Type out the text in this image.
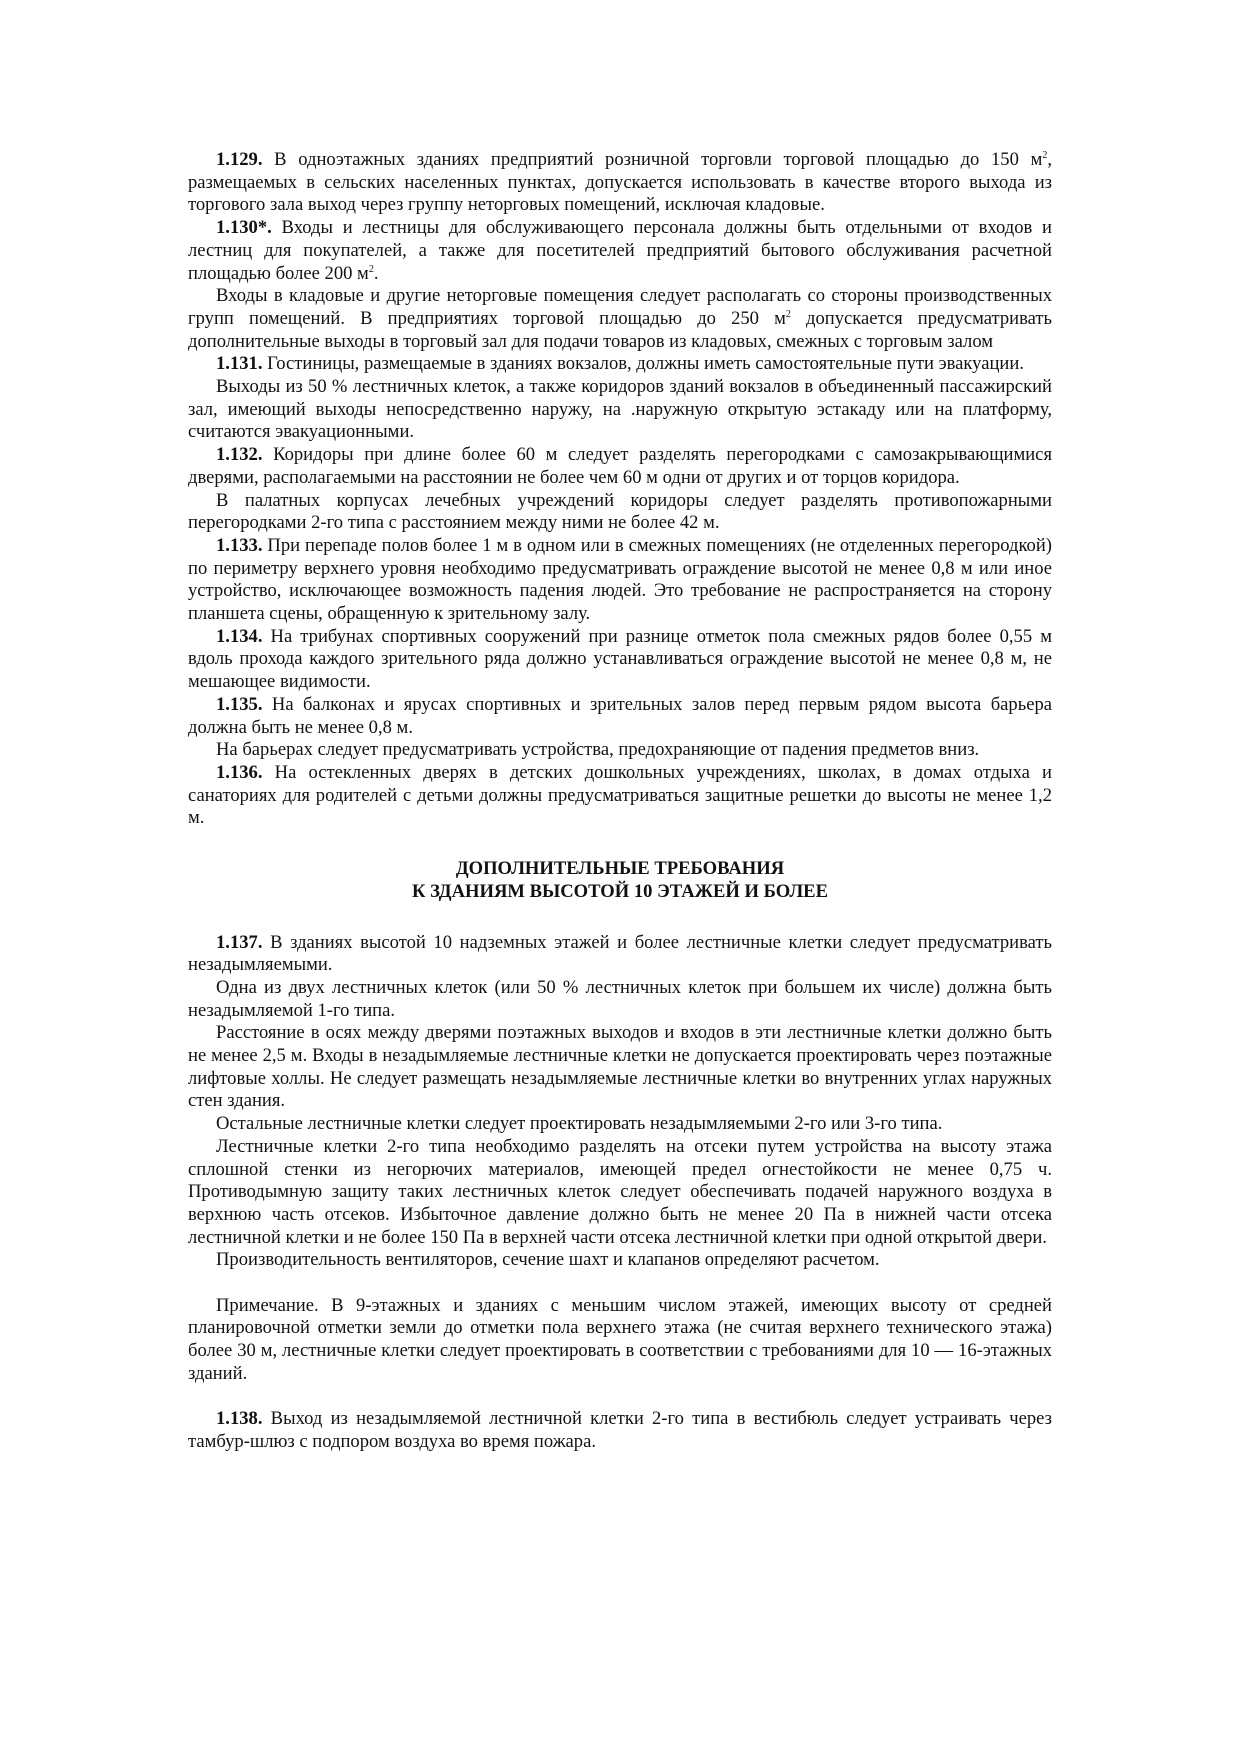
1.129. В одноэтажных зданиях предприятий розничной торговли торговой площадью до 150 $м^2$, размещаемых в сельских населенных пунктах, допускается использовать в качестве второго выхода из торгового зала выход через группу неторговых помещений, исключая кладовые.

1.130*. Входы и лестницы для обслуживающего персонала должны быть отдельными от входов и лестниц для покупателей, а также для посетителей предприятий бытового обслуживания расчетной площадью более 200 $м^2$.

Входы в кладовые и другие неторговые помещения следует располагать со стороны производственных групп помещений. В предприятиях торговой площадью до 250 $м^2$ допускается предусматривать дополнительные выходы в торговый зал для подачи товаров из кладовых, смежных с торговым залом

1.131. Гостиницы, размещаемые в зданиях вокзалов, должны иметь самостоятельные пути эвакуации.

Выходы из 50 % лестничных клеток, а также коридоров зданий вокзалов в объединенный пассажирский зал, имеющий выходы непосредственно наружу, на .наружную открытую эстакаду или на платформу, считаются эвакуационными.

1.132. Коридоры при длине более 60 м следует разделять перегородками с самозакрывающимися дверями, располагаемыми на расстоянии не более чем 60 м одни от других и от торцов коридора.

В палатных корпусах лечебных учреждений коридоры следует разделять противопожарными перегородками 2-го типа с расстоянием между ними не более 42 м.

1.133. При перепаде полов более 1 м в одном или в смежных помещениях (не отделенных перегородкой) по периметру верхнего уровня необходимо предусматривать ограждение высотой не менее 0,8 м или иное устройство, исключающее возможность падения людей. Это требование не распространяется на сторону планшета сцены, обращенную к зрительному залу.

1.134. На трибунах спортивных сооружений при разнице отметок пола смежных рядов более 0,55 м вдоль прохода каждого зрительного ряда должно устанавливаться ограждение высотой не менее 0,8 м, не мешающее видимости.

1.135. На балконах и ярусах спортивных и зрительных залов перед первым рядом высота барьера должна быть не менее 0,8 м.

На барьерах следует предусматривать устройства, предохраняющие от падения предметов вниз.

1.136. На остекленных дверях в детских дошкольных учреждениях, школах, в домах отдыха и санаториях для родителей с детьми должны предусматриваться защитные решетки до высоты не менее 1,2 м.

ДОПОЛНИТЕЛЬНЫЕ ТРЕБОВАНИЯ
К ЗДАНИЯМ ВЫСОТОЙ 10 ЭТАЖЕЙ И БОЛЕЕ

1.137. В зданиях высотой 10 надземных этажей и более лестничные клетки следует предусматривать незадымляемыми.

Одна из двух лестничных клеток (или 50 % лестничных клеток при большем их числе) должна быть незадымляемой 1-го типа.

Расстояние в осях между дверями поэтажных выходов и входов в эти лестничные клетки должно быть не менее 2,5 м. Входы в незадымляемые лестничные клетки не допускается проектировать через поэтажные лифтовые холлы. Не следует размещать незадымляемые лестничные клетки во внутренних углах наружных стен здания.

Остальные лестничные клетки следует проектировать незадымляемыми 2-го или 3-го типа.

Лестничные клетки 2-го типа необходимо разделять на отсеки путем устройства на высоту этажа сплошной стенки из негорючих материалов, имеющей предел огнестойкости не менее 0,75 ч. Противодымную защиту таких лестничных клеток следует обеспечивать подачей наружного воздуха в верхнюю часть отсеков. Избыточное давление должно быть не менее 20 Па в нижней части отсека лестничной клетки и не более 150 Па в верхней части отсека лестничной клетки при одной открытой двери.

Производительность вентиляторов, сечение шахт и клапанов определяют расчетом.

Примечание. В 9-этажных и зданиях с меньшим числом этажей, имеющих высоту от средней планировочной отметки земли до отметки пола верхнего этажа (не считая верхнего технического этажа) более 30 м, лестничные клетки следует проектировать в соответствии с требованиями для 10 — 16-этажных зданий.

1.138. Выход из незадымляемой лестничной клетки 2-го типа в вестибюль следует устраивать через тамбур-шлюз с подпором воздуха во время пожара.
